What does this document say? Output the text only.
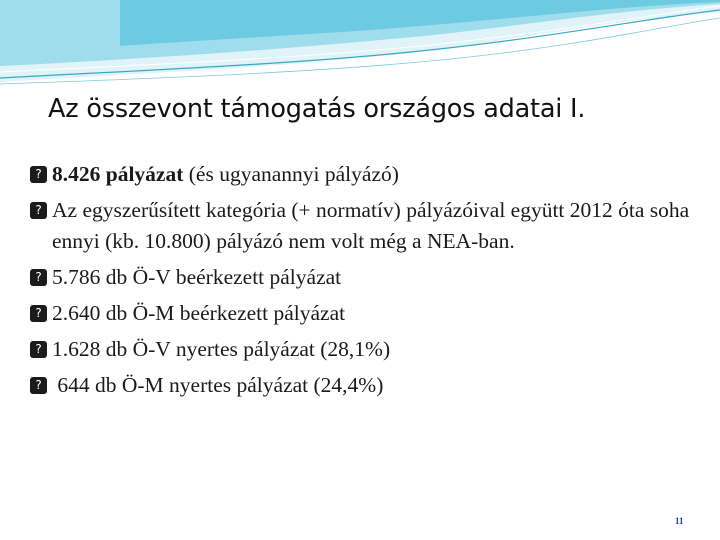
Az összevont támogatás országos adatai I.
? 8.426 pályázat (és ugyanannyi pályázó)
? Az egyszerűsített kategória (+ normatív) pályázóival együtt 2012 óta soha ennyi (kb. 10.800) pályázó nem volt még a NEA-ban.
? 5.786 db Ö-V beérkezett pályázat
? 2.640 db Ö-M beérkezett pályázat
? 1.628 db Ö-V nyertes pályázat (28,1%)
? 644 db Ö-M nyertes pályázat (24,4%)
11
